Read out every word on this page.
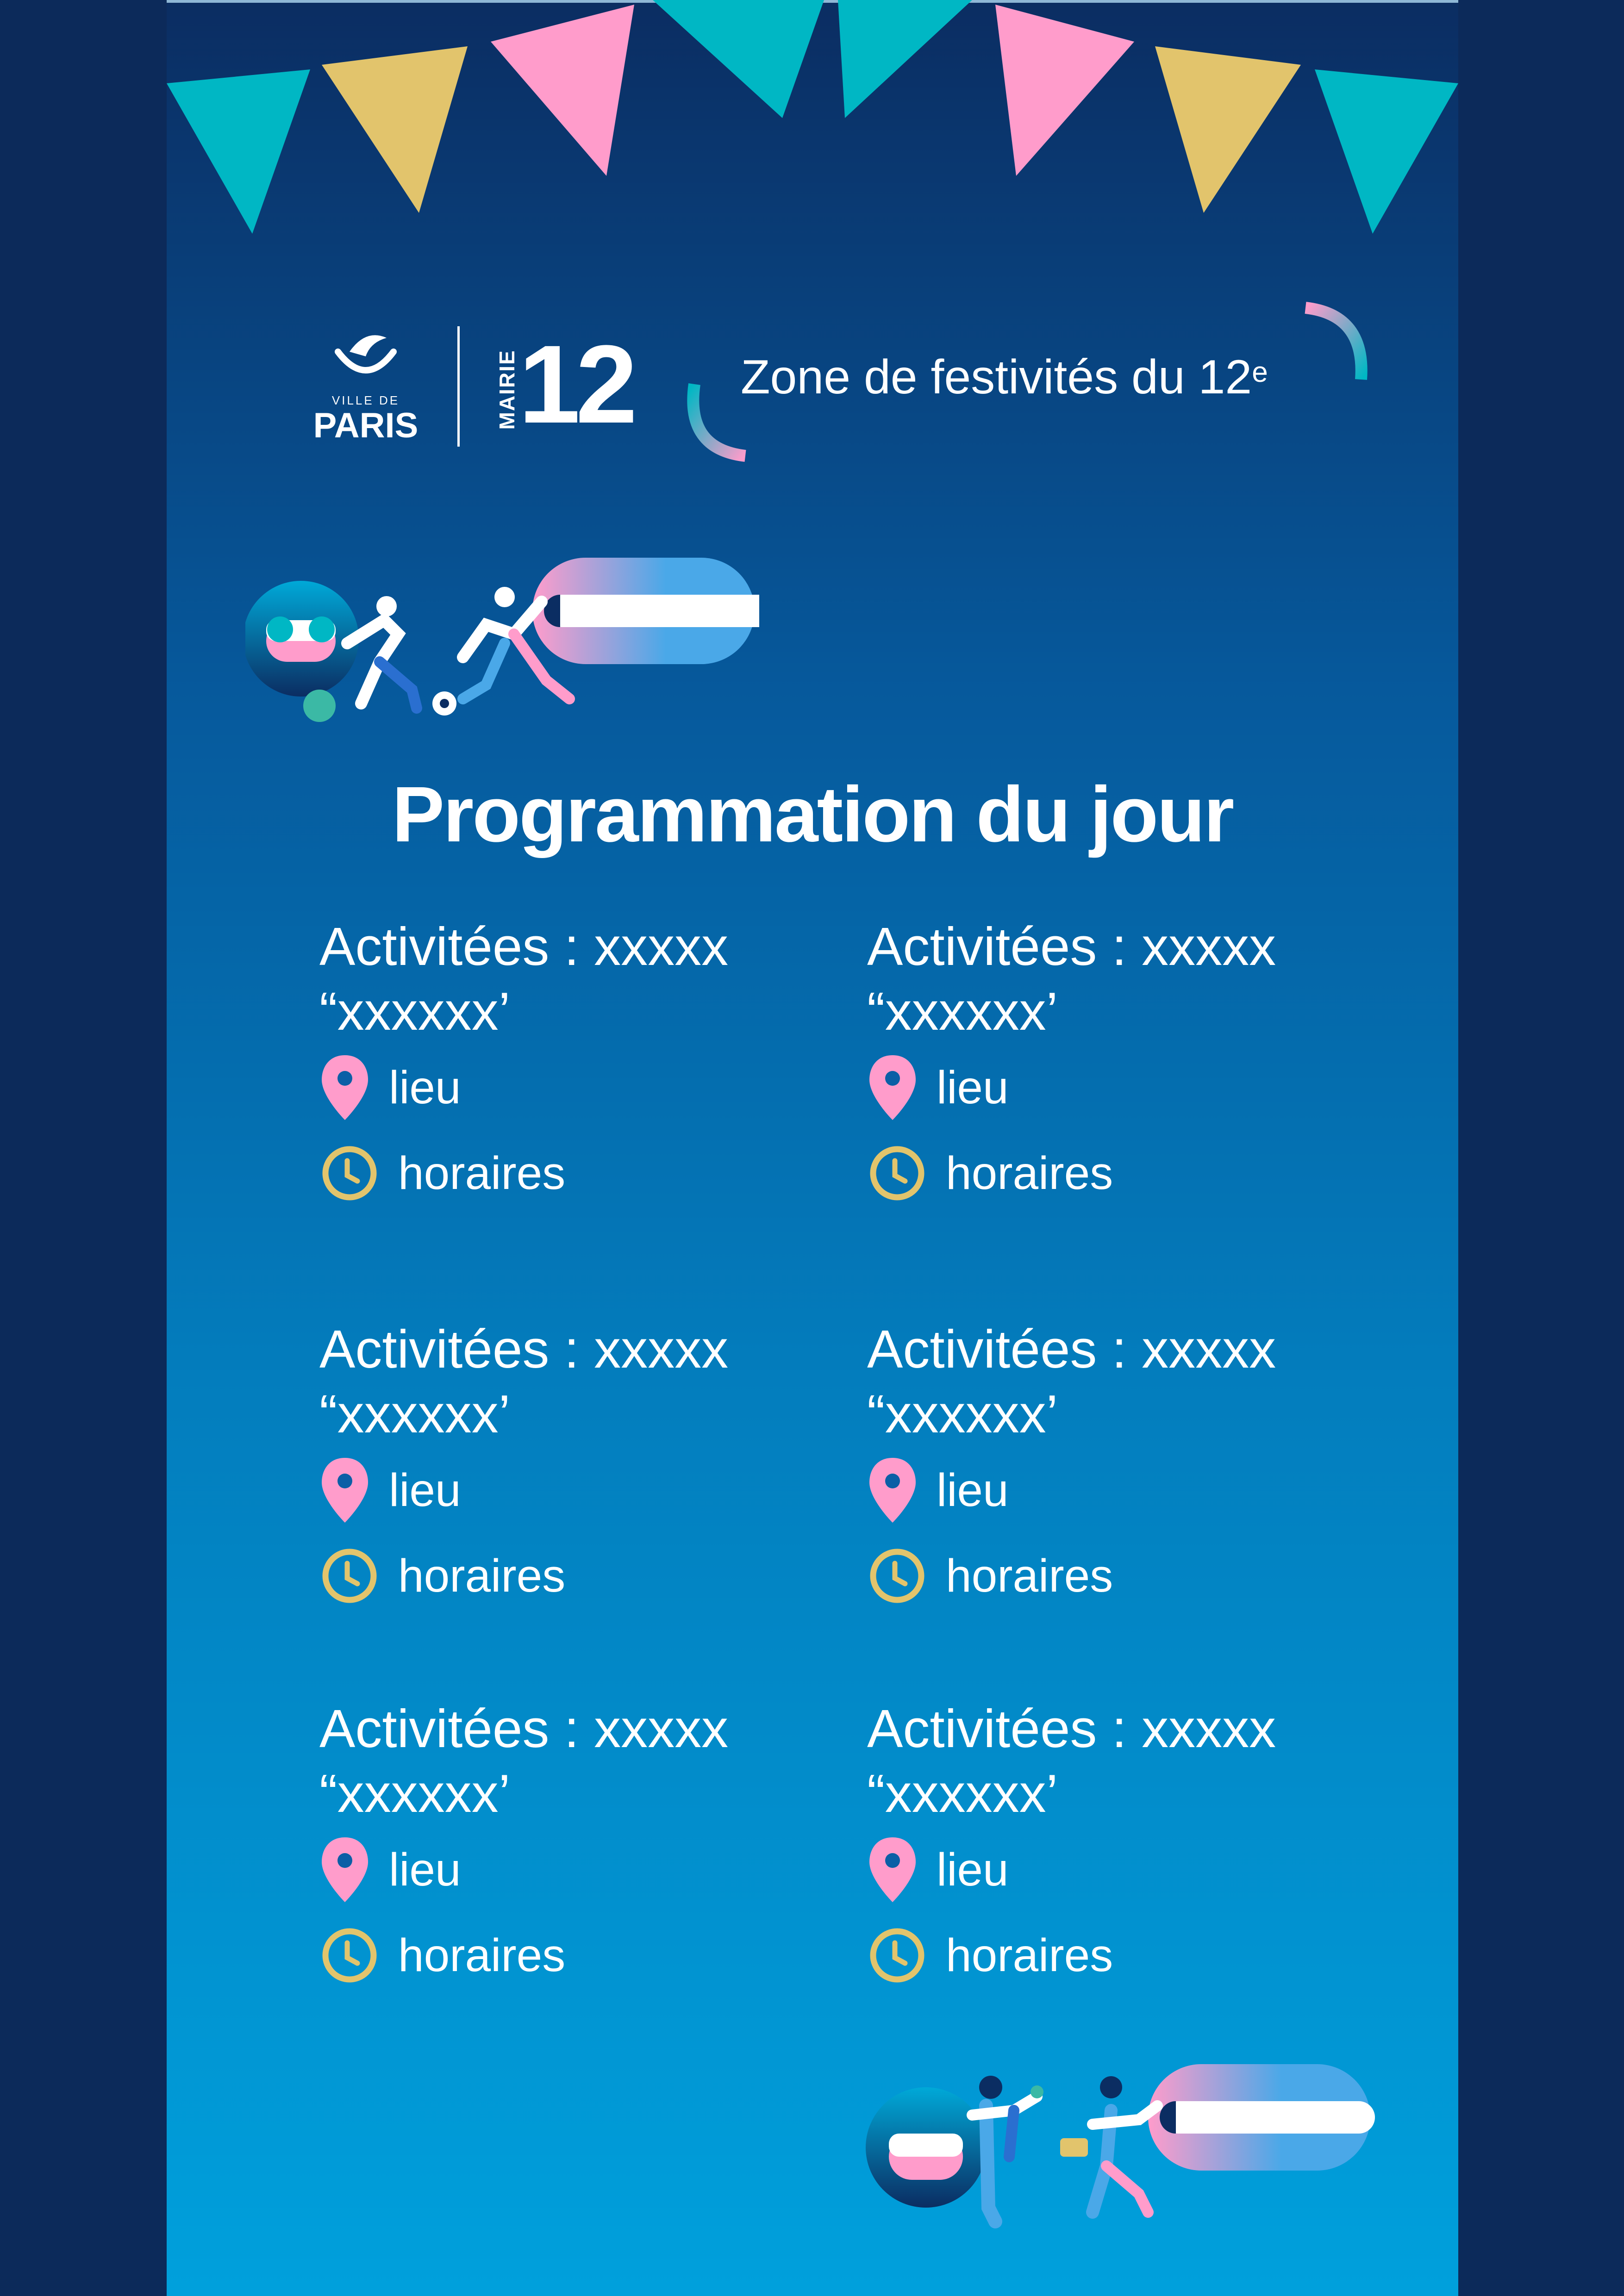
VILLE DE
PARIS	MAIRIE 12 Zone de festivités du 12e
Programmation du jour
Activitées : xxxxx
“xxxxxx’
lieu
horaires
Activitées : xxxxx
“xxxxxx’
lieu
horaires
Activitées : xxxxx
“xxxxxx’
lieu
horaires
Activitées : xxxxx
“xxxxxx’
lieu
horaires
Activitées : xxxxx
“xxxxxx’
lieu
horaires
Activitées : xxxxx
“xxxxxx’
lieu
horaires
